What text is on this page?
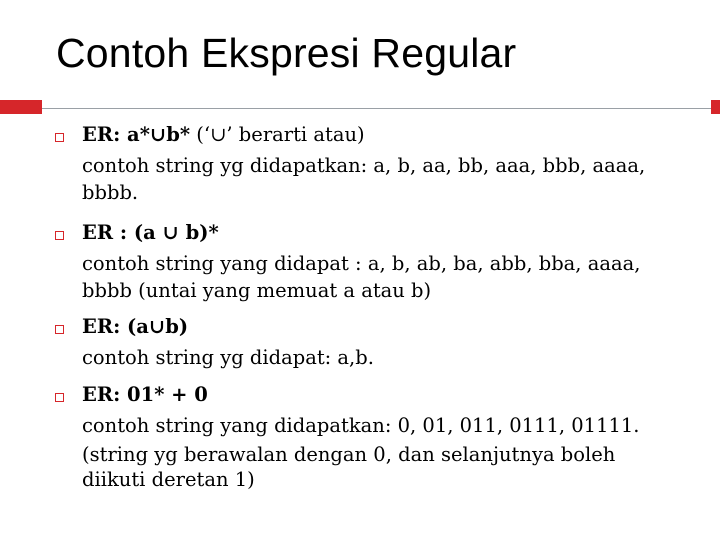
Contoh Ekspresi Regular
ER: a*∪b* (‘∪’ berarti atau)
contoh string yg didapatkan: a, b, aa, bb, aaa, bbb, aaaa,
bbbb.
ER : (a ∪ b)*
contoh string yang didapat : a, b, ab, ba, abb, bba, aaaa,
bbbb (untai yang memuat a atau b)
ER: (a∪b)
contoh string yg didapat: a,b.
ER: 01* + 0
contoh string yang didapatkan: 0, 01, 011, 0111, 01111.
(string yg berawalan dengan 0, dan selanjutnya boleh
diikuti deretan 1)
